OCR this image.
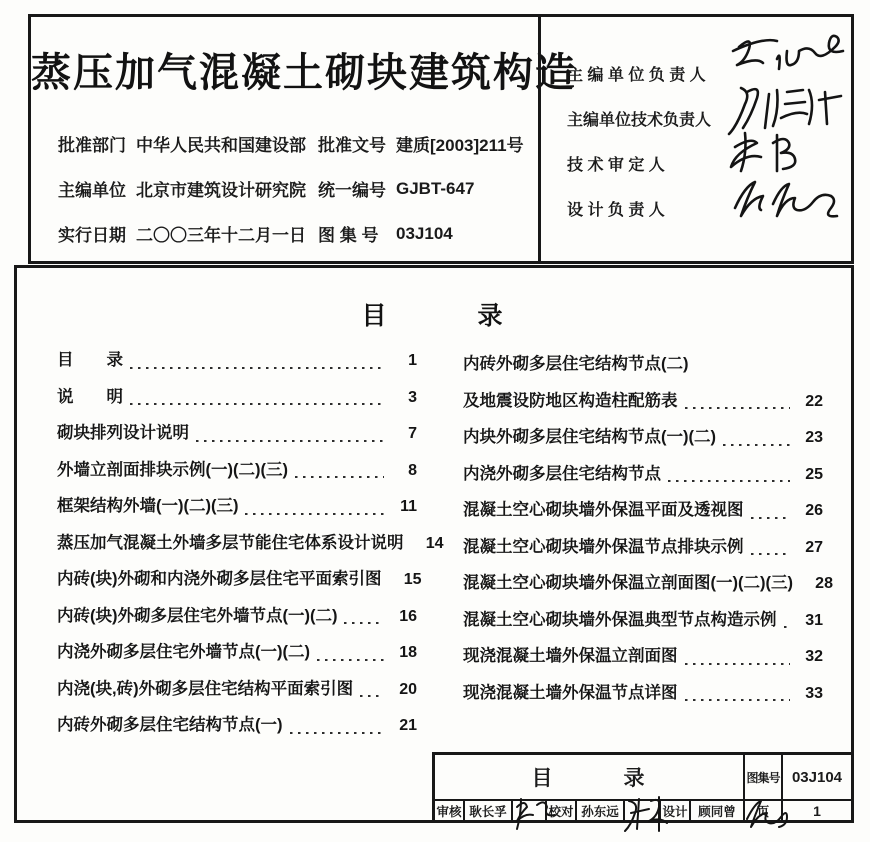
蒸压加气混凝土砌块建筑构造
批准部门 中华人民共和国建设部 批准文号 建质[2003]211号
主编单位 北京市建筑设计研究院 统一编号 GJBT-647
实行日期 二〇〇三年十二月一日 图 集 号	03J104
主 编 单 位 负 责 人
主编单位技术负责人
技 术 审 定 人
设 计 负 责 人
目　　　录
目　　录	1
说　　明	3
砌块排列设计说明	7
外墙立剖面排块示例(一)(二)(三)	8
框架结构外墙(一)(二)(三)	11
蒸压加气混凝土外墙多层节能住宅体系设计说明	14
内砖(块)外砌和内浇外砌多层住宅平面索引图	15
内砖(块)外砌多层住宅外墙节点(一)(二)	16
内浇外砌多层住宅外墙节点(一)(二)	18
内浇(块,砖)外砌多层住宅结构平面索引图	20
内砖外砌多层住宅结构节点(一)	21
内砖外砌多层住宅结构节点(二)
及地震设防地区构造柱配筋表	22
内块外砌多层住宅结构节点(一)(二)	23
内浇外砌多层住宅结构节点	25
混凝土空心砌块墙外保温平面及透视图	26
混凝土空心砌块墙外保温节点排块示例	27
混凝土空心砌块墙外保温立剖面图(一)(二)(三)	28
混凝土空心砌块墙外保温典型节点构造示例	31
现浇混凝土墙外保温立剖面图	32
现浇混凝土墙外保温节点详图	33
目　　　录	图集号 03J104
审核 耿长孚	校对 孙东远	设计 顾同曾	页	1
